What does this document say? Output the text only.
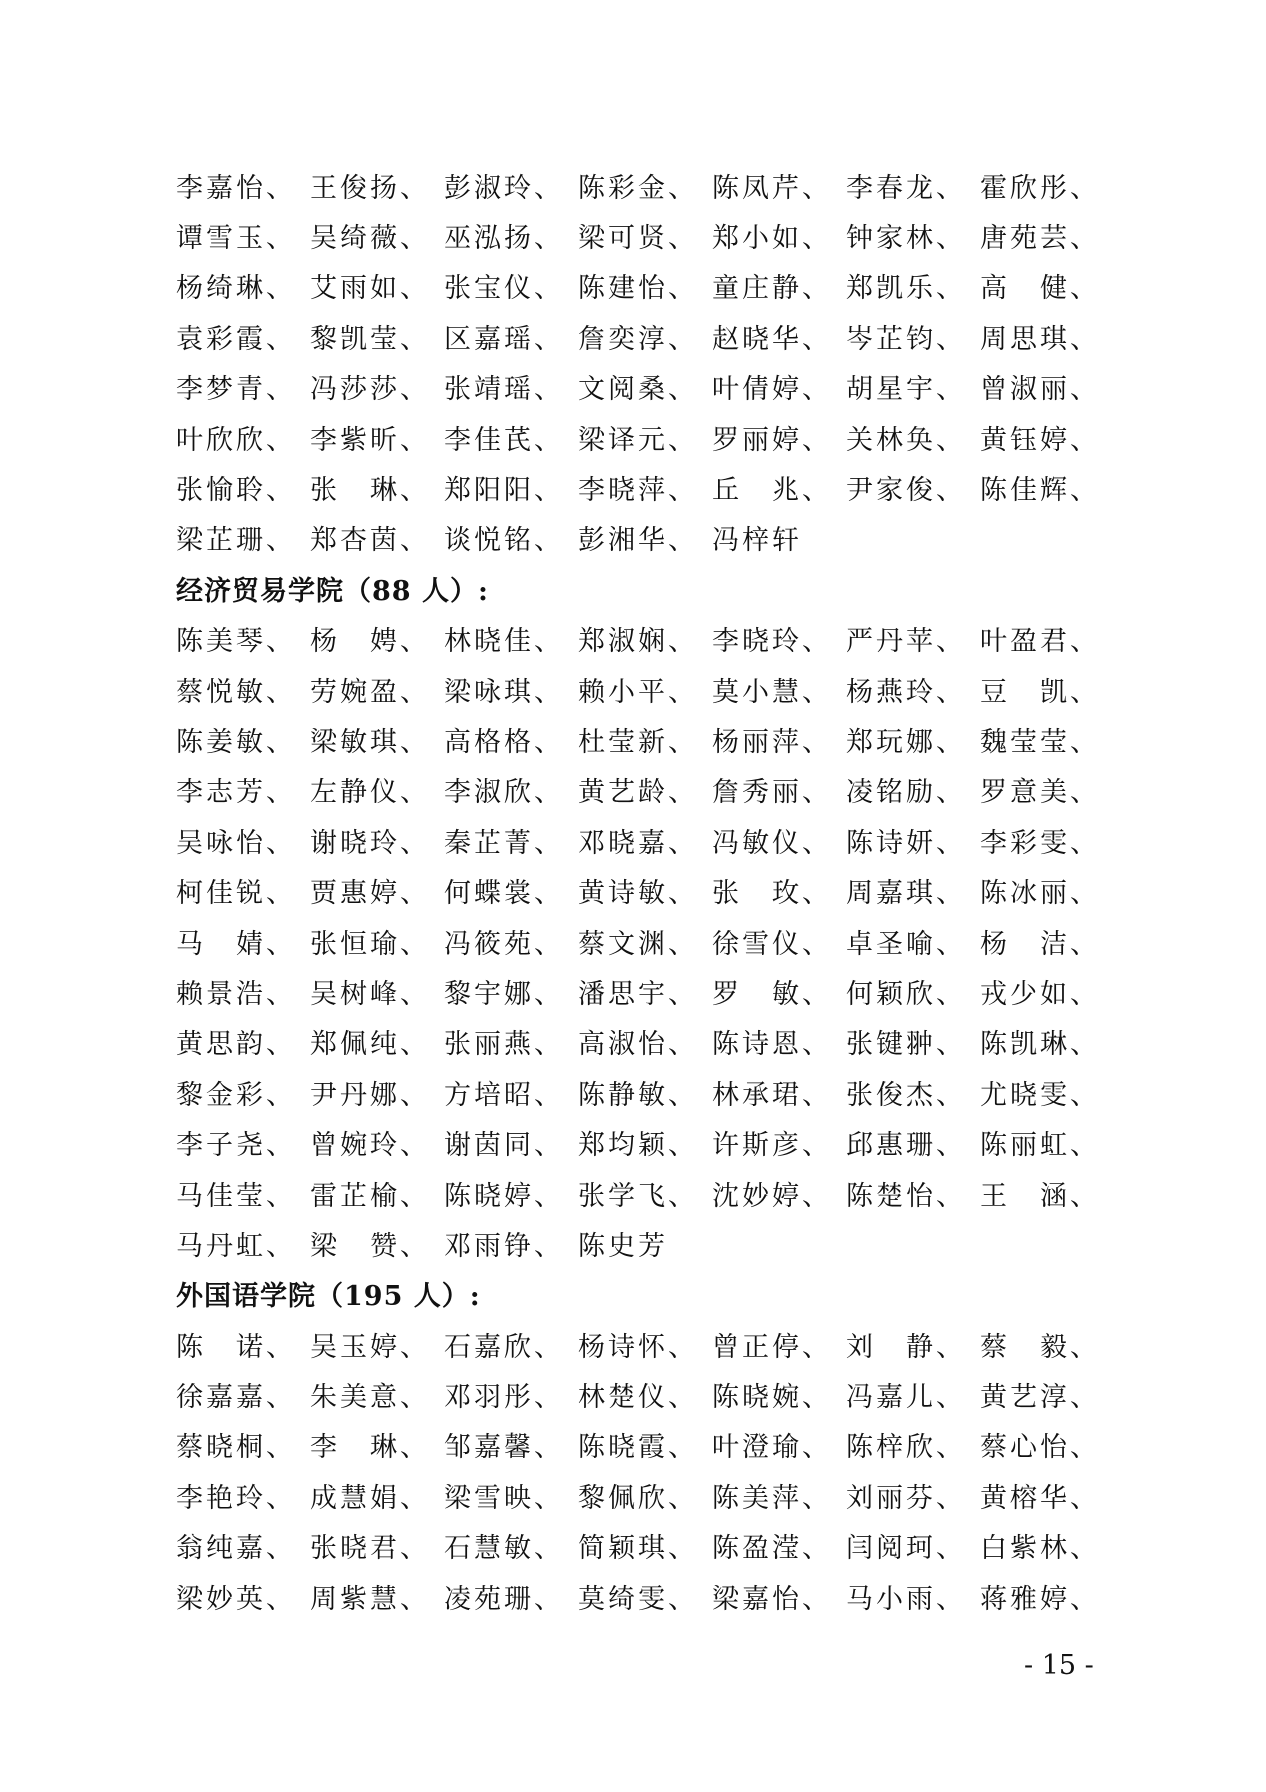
李嘉怡、 王俊扬、 彭淑玲、 陈彩金、 陈凤芹、 李春龙、 霍欣彤、
谭雪玉、 吴绮薇、 巫泓扬、 梁可贤、 郑小如、 钟家林、 唐苑芸、
杨绮琳、 艾雨如、 张宝仪、 陈建怡、 童庄静、 郑凯乐、 高　健、
袁彩霞、 黎凯莹、 区嘉瑶、 詹奕淳、 赵晓华、 岑芷钧、 周思琪、
李梦青、 冯莎莎、 张靖瑶、 文阅桑、 叶倩婷、 胡星宇、 曾淑丽、
叶欣欣、 李紫昕、 李佳芪、 梁译元、 罗丽婷、 关林奂、 黄钰婷、
张愉聆、 张　琳、 郑阳阳、 李晓萍、 丘　兆、 尹家俊、 陈佳辉、
梁芷珊、 郑杏茵、 谈悦铭、 彭湘华、 冯梓轩
经济贸易学院（88 人）:
陈美琴、 杨　娉、 林晓佳、 郑淑娴、 李晓玲、 严丹苹、 叶盈君、
蔡悦敏、 劳婉盈、 梁咏琪、 赖小平、 莫小慧、 杨燕玲、 豆　凯、
陈姜敏、 梁敏琪、 高格格、 杜莹新、 杨丽萍、 郑玩娜、 魏莹莹、
李志芳、 左静仪、 李淑欣、 黄艺龄、 詹秀丽、 凌铭励、 罗意美、
吴咏怡、 谢晓玲、 秦芷菁、 邓晓嘉、 冯敏仪、 陈诗妍、 李彩雯、
柯佳锐、 贾惠婷、 何蝶裳、 黄诗敏、 张　玫、 周嘉琪、 陈冰丽、
马　婧、 张恒瑜、 冯筱苑、 蔡文渊、 徐雪仪、 卓圣喻、 杨　洁、
赖景浩、 吴树峰、 黎宇娜、 潘思宇、 罗　敏、 何颖欣、 戎少如、
黄思韵、 郑佩纯、 张丽燕、 高淑怡、 陈诗恩、 张键翀、 陈凯琳、
黎金彩、 尹丹娜、 方培昭、 陈静敏、 林承珺、 张俊杰、 尤晓雯、
李子尧、 曾婉玲、 谢茵同、 郑均颖、 许斯彦、 邱惠珊、 陈丽虹、
马佳莹、 雷芷榆、 陈晓婷、 张学飞、 沈妙婷、 陈楚怡、 王　涵、
马丹虹、 梁　赞、 邓雨铮、 陈史芳
外国语学院（195 人）:
陈　诺、 吴玉婷、 石嘉欣、 杨诗怀、 曾正停、 刘　静、 蔡　毅、
徐嘉嘉、 朱美意、 邓羽彤、 林楚仪、 陈晓婉、 冯嘉儿、 黄艺淳、
蔡晓桐、 李　琳、 邹嘉馨、 陈晓霞、 叶澄瑜、 陈梓欣、 蔡心怡、
李艳玲、 成慧娟、 梁雪映、 黎佩欣、 陈美萍、 刘丽芬、 黄榕华、
翁纯嘉、 张晓君、 石慧敏、 简颖琪、 陈盈滢、 闫阅珂、 白紫林、
梁妙英、 周紫慧、 凌苑珊、 莫绮雯、 梁嘉怡、 马小雨、 蒋雅婷、
- 15 -
